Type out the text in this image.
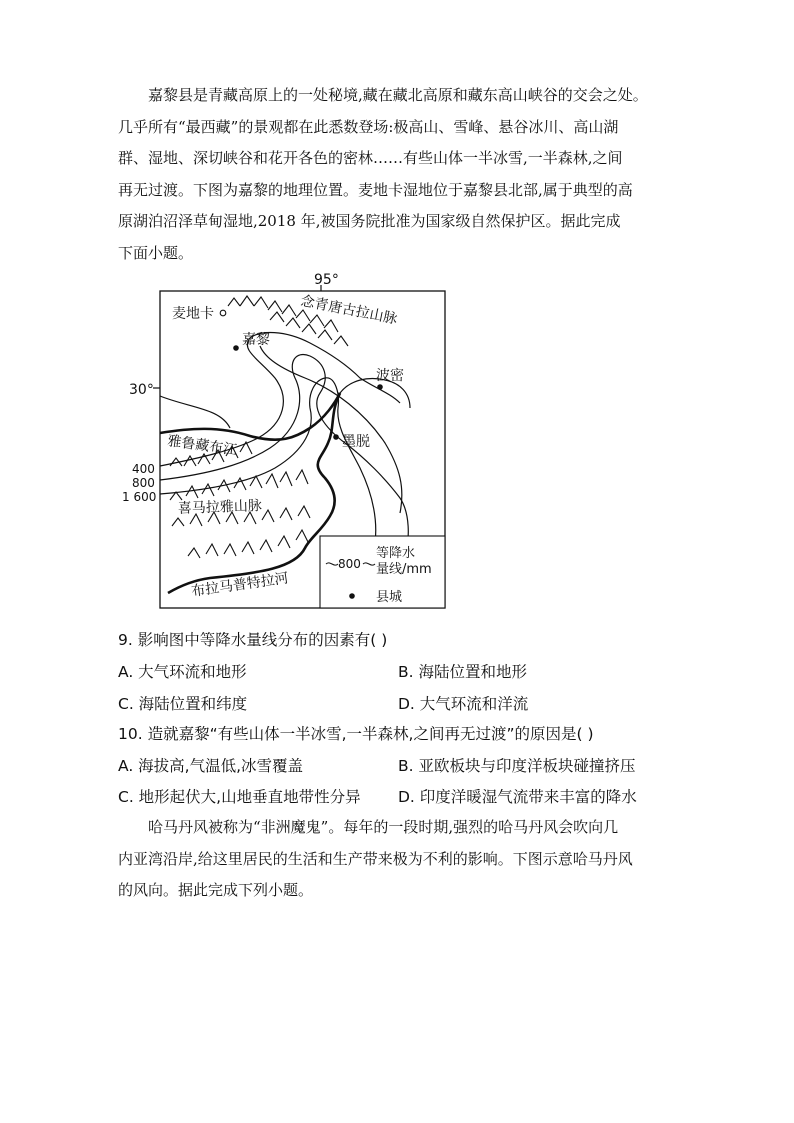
嘉黎县是青藏高原上的一处秘境,藏在藏北高原和藏东高山峡谷的交会之处。

几乎所有“最西藏”的景观都在此悉数登场:极高山、雪峰、悬谷冰川、高山湖

群、湿地、深切峡谷和花开各色的密林……有些山体一半冰雪,一半森林,之间

再无过渡。下图为嘉黎的地理位置。麦地卡湿地位于嘉黎县北部,属于典型的高

原湖泊沼泽草甸湿地,2018 年,被国务院批准为国家级自然保护区。据此完成

下面小题。

95°
30°
400
800
1 600
麦地卡
嘉黎
波密
墨脱
念青唐古拉山脉
雅鲁藏布江
喜马拉雅山脉
布拉马普特拉河
800
等降水
量线/mm
县城
9. 影响图中等降水量线分布的因素有( )
A. 大气环流和地形	B. 海陆位置和地形
C. 海陆位置和纬度	D. 大气环流和洋流
10. 造就嘉黎“有些山体一半冰雪,一半森林,之间再无过渡”的原因是( )
A. 海拔高,气温低,冰雪覆盖	B. 亚欧板块与印度洋板块碰撞挤压
C. 地形起伏大,山地垂直地带性分异 D. 印度洋暖湿气流带来丰富的降水

哈马丹风被称为“非洲魔鬼”。每年的一段时期,强烈的哈马丹风会吹向几

内亚湾沿岸,给这里居民的生活和生产带来极为不利的影响。下图示意哈马丹风

的风向。据此完成下列小题。
